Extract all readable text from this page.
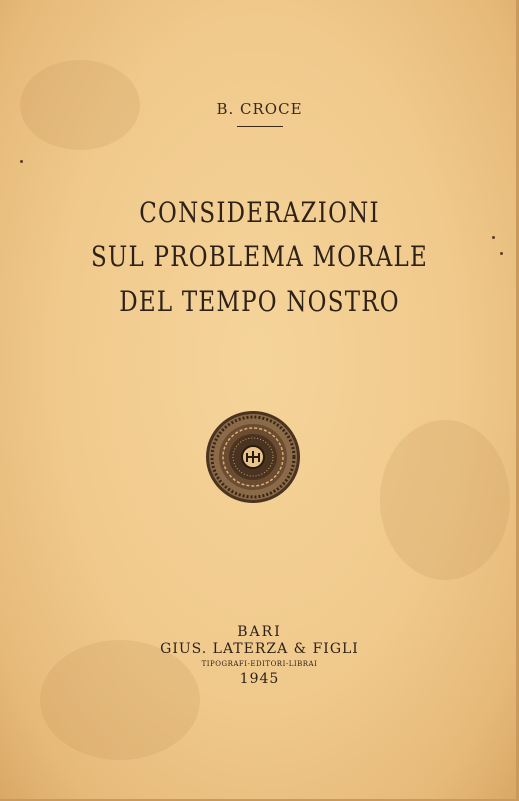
B. CROCE
CONSIDERAZIONI
SUL PROBLEMA MORALE
DEL TEMPO NOSTRO
BARI
GIUS. LATERZA & FIGLI
TIPOGRAFI-EDITORI-LIBRAI
1945
